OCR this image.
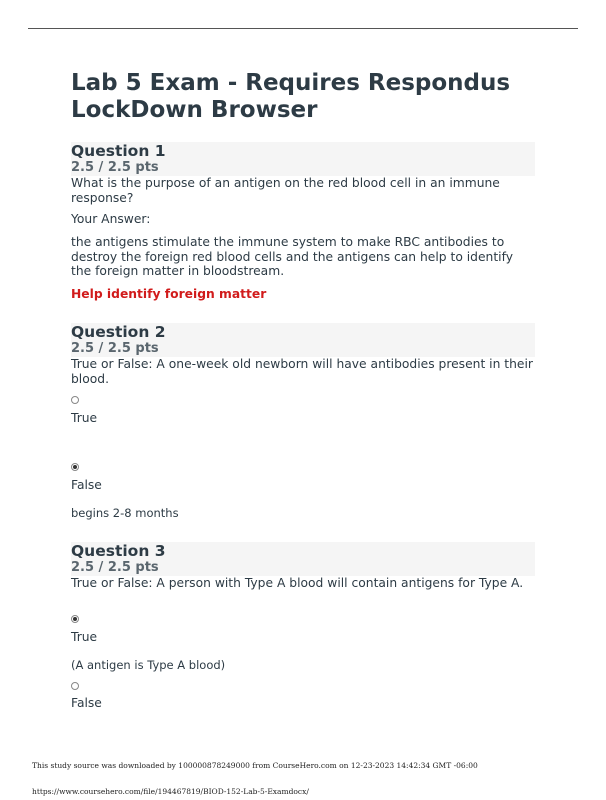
Lab 5 Exam - Requires Respondus LockDown Browser
Question 1
2.5 / 2.5 pts

What is the purpose of an antigen on the red blood cell in an immune response?

Your Answer:
the antigens stimulate the immune system to make RBC antibodies to destroy the foreign red blood cells and the antigens can help to identify the foreign matter in bloodstream.
Help identify foreign matter
Question 2
2.5 / 2.5 pts

True or False: A one-week old newborn will have antibodies present in their blood.

True
False
begins 2-8 months
Question 3
2.5 / 2.5 pts

True or False: A person with Type A blood will contain antigens for Type A.

True
(A antigen is Type A blood)
False
This study source was downloaded by 100000878249000 from CourseHero.com on 12-23-2023 14:42:34 GMT -06:00
https://www.coursehero.com/file/194467819/BIOD-152-Lab-5-Examdocx/
